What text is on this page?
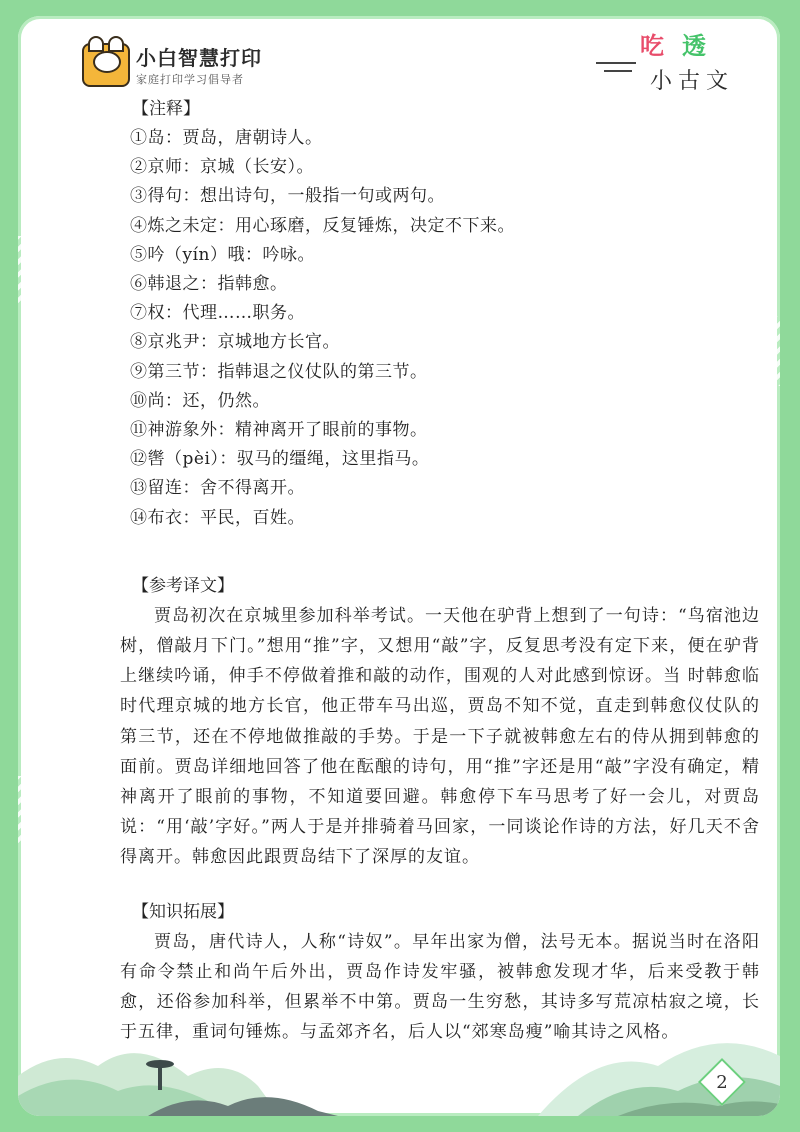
小白智慧打印
家庭打印学习倡导者
吃 透
小古文
【注释】
①岛：贾岛，唐朝诗人。
②京师：京城（长安）。
③得句：想出诗句，一般指一句或两句。
④炼之未定：用心琢磨，反复锤炼，决定不下来。
⑤吟（yín）哦：吟咏。
⑥韩退之：指韩愈。
⑦权：代理……职务。
⑧京兆尹：京城地方长官。
⑨第三节：指韩退之仪仗队的第三节。
⑩尚：还，仍然。
⑪神游象外：精神离开了眼前的事物。
⑫辔（pèi）：驭马的缰绳，这里指马。
⑬留连：舍不得离开。
⑭布衣：平民，百姓。
【参考译文】
贾岛初次在京城里参加科举考试。一天他在驴背上想到了一句诗：“鸟宿池边树，僧敲月下门。”想用“推”字，又想用“敲”字，反复思考没有定下来，便在驴背上继续吟诵，伸手不停做着推和敲的动作，围观的人对此感到惊讶。当 时韩愈临时代理京城的地方长官，他正带车马出巡，贾岛不知不觉，直走到韩愈仪仗队的第三节，还在不停地做推敲的手势。于是一下子就被韩愈左右的侍从拥到韩愈的面前。贾岛详细地回答了他在酝酿的诗句，用“推”字还是用“敲”字没有确定，精神离开了眼前的事物，不知道要回避。韩愈停下车马思考了好一会儿，对贾岛说：“用‘敲’字好。”两人于是并排骑着马回家，一同谈论作诗的方法，好几天不舍得离开。韩愈因此跟贾岛结下了深厚的友谊。
【知识拓展】
贾岛，唐代诗人，人称“诗奴”。早年出家为僧，法号无本。据说当时在洛阳有命令禁止和尚午后外出，贾岛作诗发牢骚，被韩愈发现才华，后来受教于韩愈，还俗参加科举，但累举不中第。贾岛一生穷愁，其诗多写荒凉枯寂之境，长于五律，重词句锤炼。与孟郊齐名，后人以“郊寒岛瘦”喻其诗之风格。
2
